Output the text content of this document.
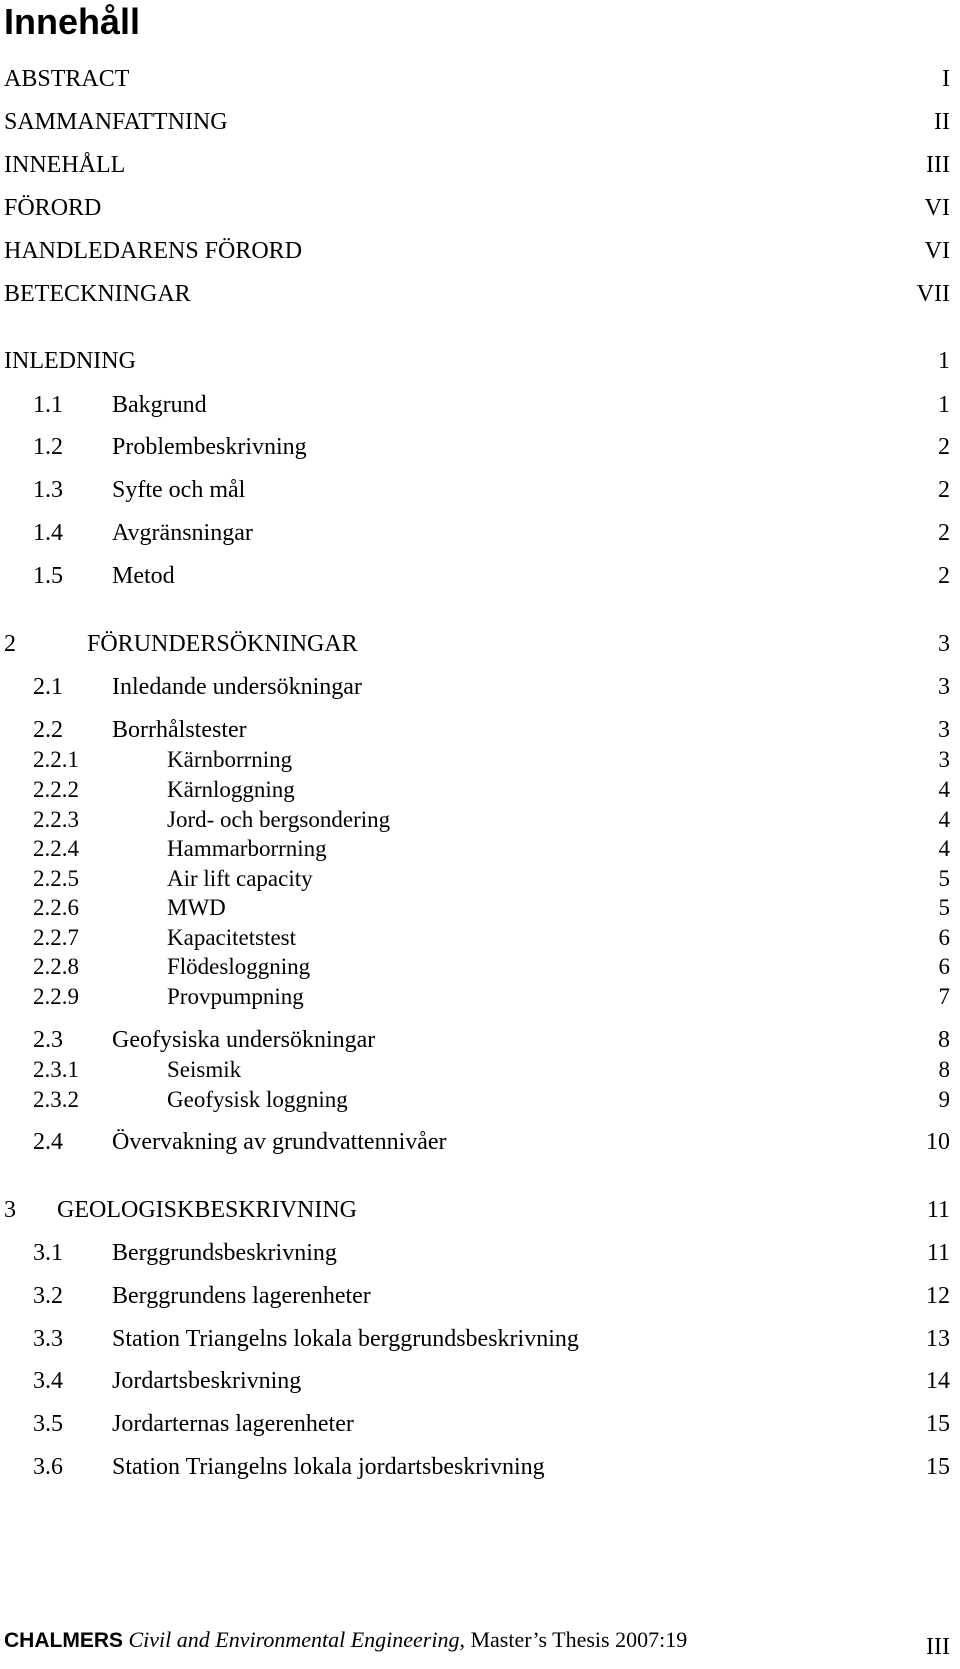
Innehåll
ABSTRACT	I
SAMMANFATTNING	II
INNEHÅLL	III
FÖRORD	VI
HANDLEDARENS FÖRORD	VI
BETECKNINGAR	VII
INLEDNING	1
1.1 Bakgrund	1
1.2 Problembeskrivning	2
1.3 Syfte och mål	2
1.4 Avgränsningar	2
1.5 Metod	2
2	FÖRUNDERSÖKNINGAR	3
2.1 Inledande undersökningar	3
2.2 Borrhålstester	3
2.2.1	Kärnborrning	3
2.2.2	Kärnloggning	4
2.2.3	Jord- och bergsondering	4
2.2.4	Hammarborrning	4
2.2.5	Air lift capacity	5
2.2.6	MWD	5
2.2.7	Kapacitetstest	6
2.2.8	Flödesloggning	6
2.2.9	Provpumpning	7
2.3 Geofysiska undersökningar	8
2.3.1	Seismik	8
2.3.2	Geofysisk loggning	9
2.4 Övervakning av grundvattennivåer	10
3 GEOLOGISKBESKRIVNING	11
3.1 Berggrundsbeskrivning	11
3.2 Berggrundens lagerenheter	12
3.3 Station Triangelns lokala berggrundsbeskrivning	13
3.4 Jordartsbeskrivning	14
3.5 Jordarternas lagerenheter	15
3.6 Station Triangelns lokala jordartsbeskrivning	15
CHALMERS Civil and Environmental Engineering, Master’s Thesis 2007:19	III
